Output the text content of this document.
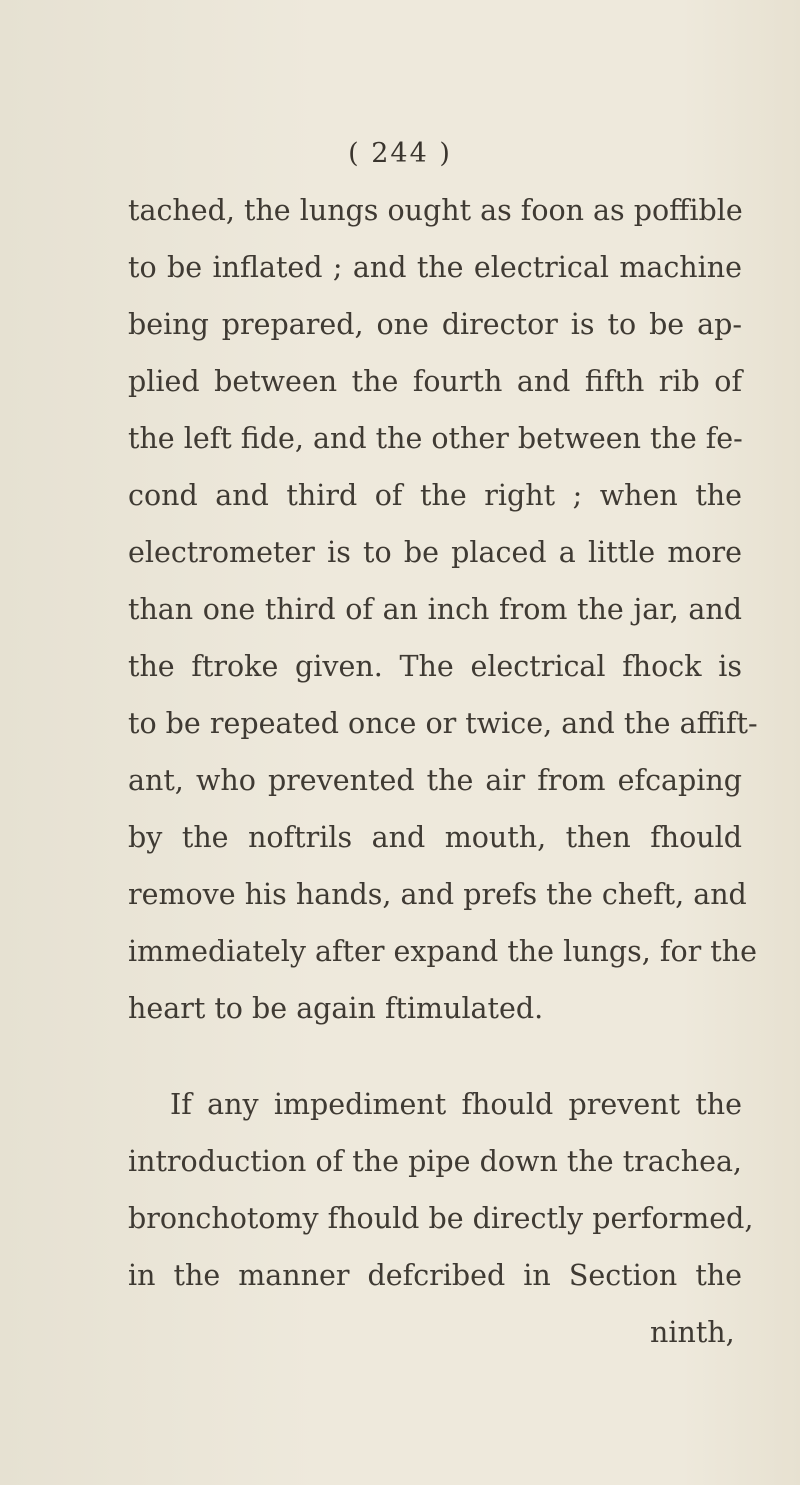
( 244 )
tached, the lungs ought as foon as poffible
to be inflated ; and the electrical machine
being prepared, one director is to be ap-
plied between the fourth and fifth rib of
the left fide, and the other between the fe-
cond and third of the right ; when the
electrometer is to be placed a little more
than one third of an inch from the jar, and
the ftroke given. The electrical fhock is
to be repeated once or twice, and the affift-
ant, who prevented the air from efcaping
by the noftrils and mouth, then fhould
remove his hands, and prefs the cheft, and
immediately after expand the lungs, for the
heart to be again ftimulated.
If any impediment fhould prevent the
introduction of the pipe down the trachea,
bronchotomy fhould be directly performed,
in the manner defcribed in Section the
ninth,
